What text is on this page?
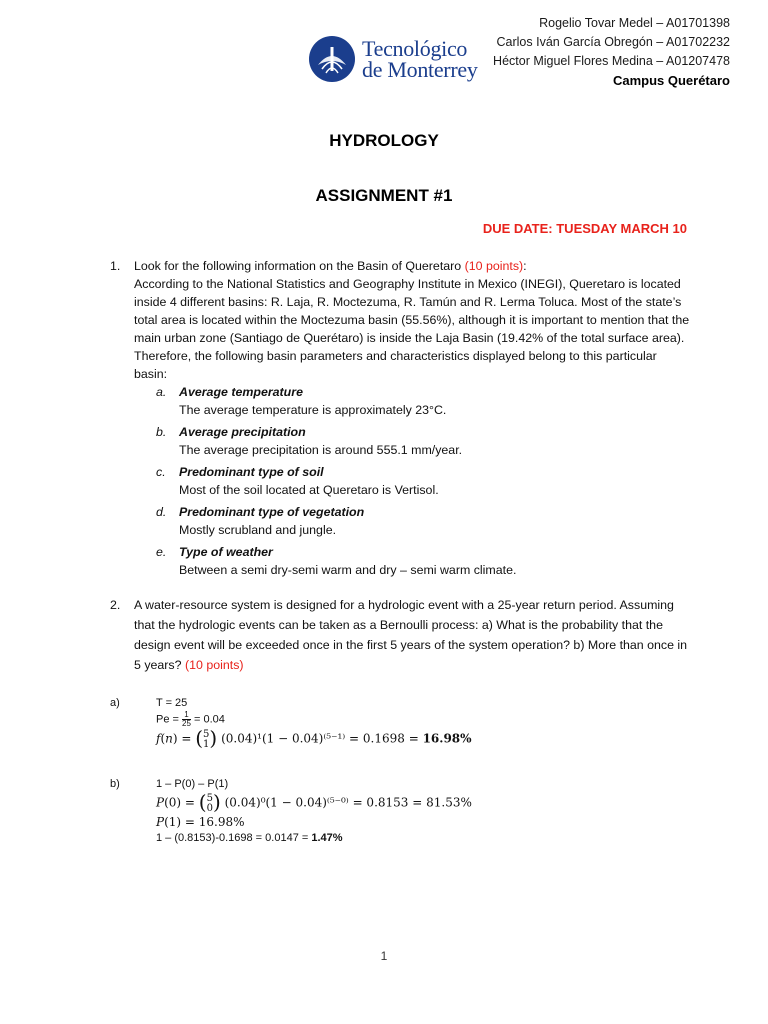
Tecnológico
de Monterrey
Rogelio Tovar Medel – A01701398
Carlos Iván García Obregón – A01702232
Héctor Miguel Flores Medina – A01207478
Campus Querétaro
HYDROLOGY
ASSIGNMENT #1
DUE DATE: TUESDAY MARCH 10
1. Look for the following information on the Basin of Queretaro (10 points):
According to the National Statistics and Geography Institute in Mexico (INEGI), Queretaro is located inside 4 different basins: R. Laja, R. Moctezuma, R. Tamún and R. Lerma Toluca. Most of the state’s total area is located within the Moctezuma basin (55.56%), although it is important to mention that the main urban zone (Santiago de Querétaro) is inside the Laja Basin (19.42% of the total surface area). Therefore, the following basin parameters and characteristics displayed belong to this particular basin:
a. Average temperature
The average temperature is approximately 23°C.
b. Average precipitation
The average precipitation is around 555.1 mm/year.
c. Predominant type of soil
Most of the soil located at Queretaro is Vertisol.
d. Predominant type of vegetation
Mostly scrubland and jungle.
e. Type of weather
Between a semi dry-semi warm and dry – semi warm climate.
2. A water-resource system is designed for a hydrologic event with a 25-year return period. Assuming that the hydrologic events can be taken as a Bernoulli process: a) What is the probability that the design event will be exceeded once in the first 5 years of the system operation? b) More than once in 5 years? (10 points)
a)	T = 25
$Pe = \frac{1}{25} = 0.04$
𝑓(𝑛) = ( 5
1 ) (0.04)¹(1 − 0.04)⁽⁵⁻¹⁾ = 0.1698 = 16.98%
b)	1 – P(0) – P(1)
𝑃(0) = ( 5
0 ) (0.04)⁰(1 − 0.04)⁽⁵⁻⁰⁾ = 0.8153 = 81.53%
𝑃(1) = 16.98%
1 – (0.8153)-0.1698 = 0.0147 = 1.47%
1
